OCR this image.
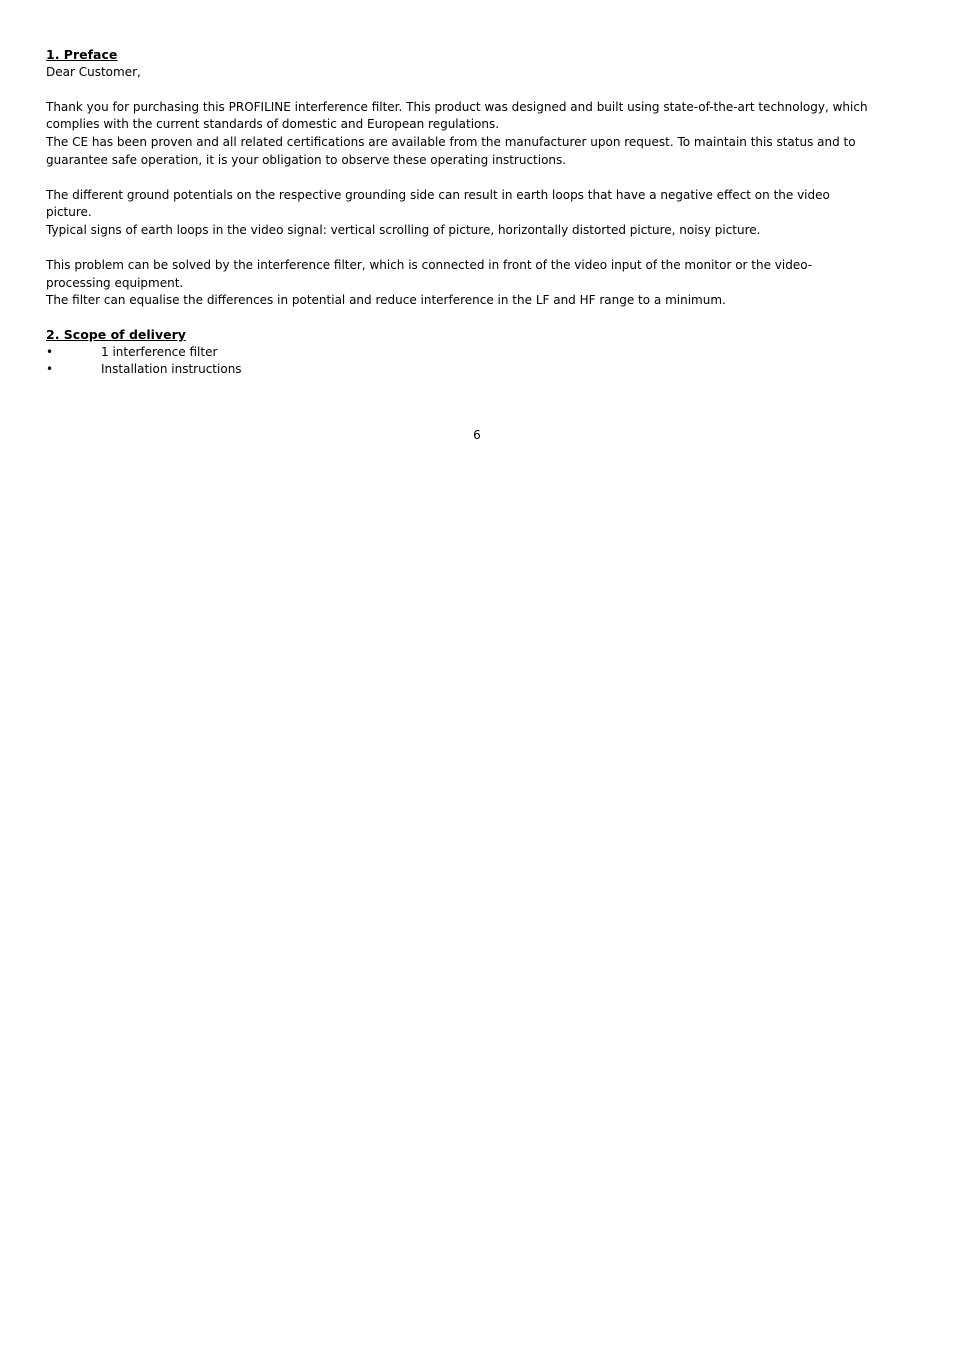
1. Preface

Dear Customer,

Thank you for purchasing this PROFILINE interference filter. This product was designed and built using state-of-the-art technology, which complies with the current standards of domestic and European regulations.

The CE has been proven and all related certifications are available from the manufacturer upon request. To maintain this status and to guarantee safe operation, it is your obligation to observe these operating instructions.

The different ground potentials on the respective grounding side can result in earth loops that have a negative effect on the video picture.

Typical signs of earth loops in the video signal: vertical scrolling of picture, horizontally distorted picture, noisy picture.

This problem can be solved by the interference filter, which is connected in front of the video input of the monitor or the video-processing equipment.

The filter can equalise the differences in potential and reduce interference in the LF and HF range to a minimum.

2. Scope of delivery
•	1 interference filter
•	Installation instructions
6
